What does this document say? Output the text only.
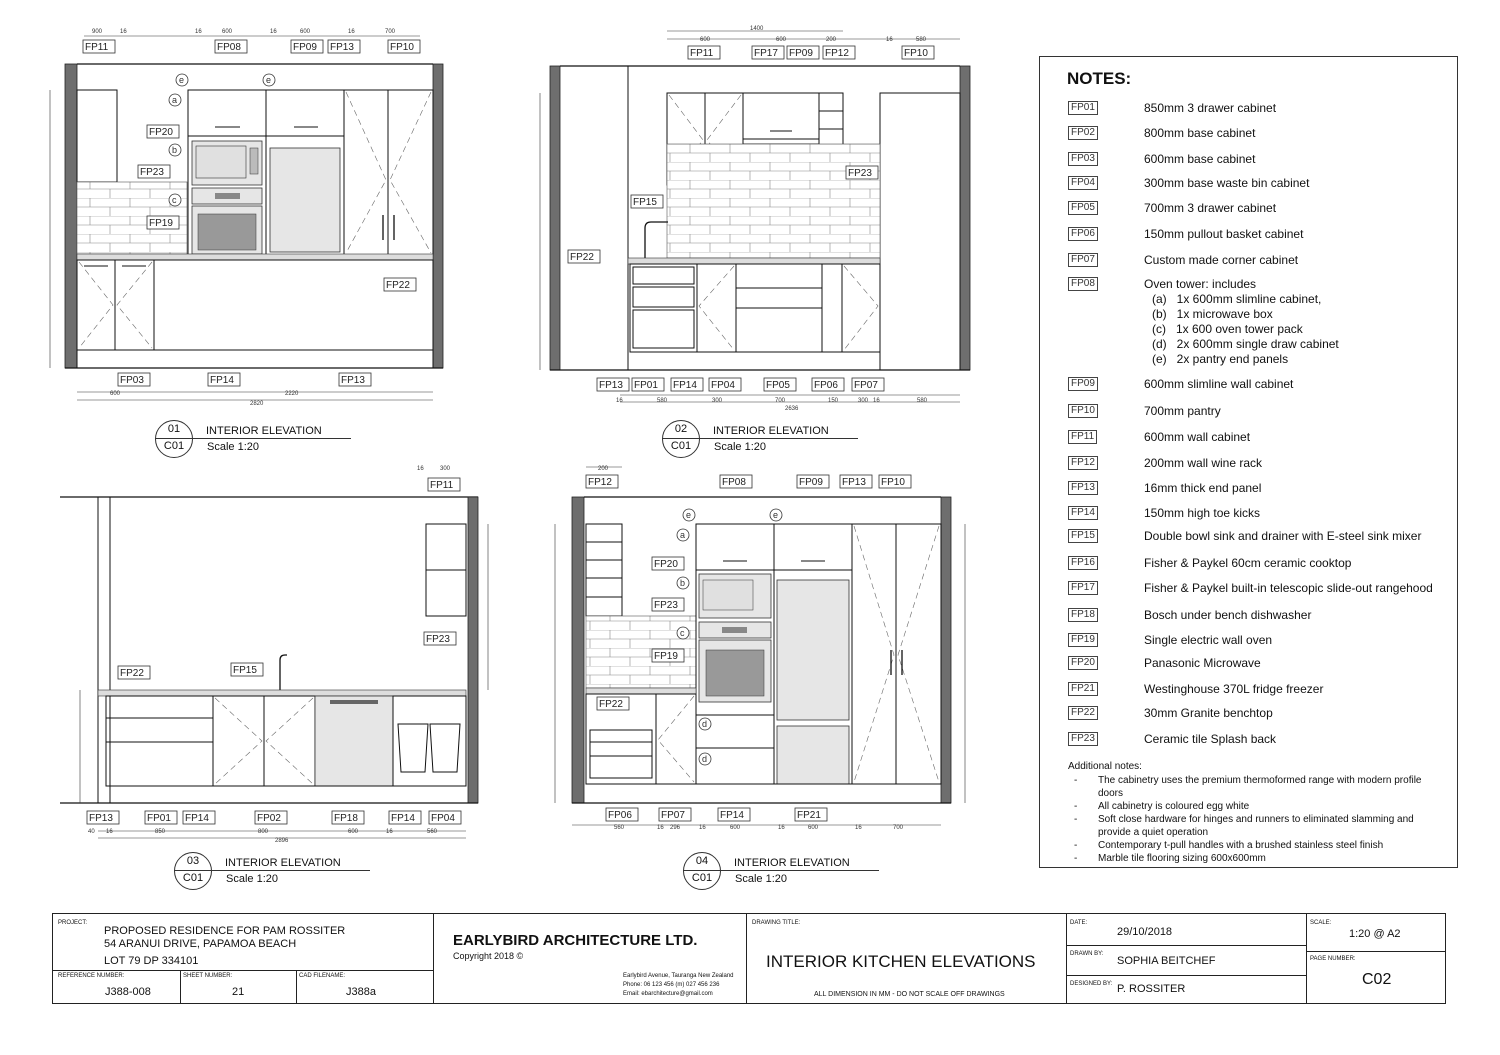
2820
2220
600
900	16	16	600	16	600	16	700
FP11	FP08	FP09 FP13	FP10
FP20
FP23
FP19
FP22
FP03	FP14	FP13
e	e
a
b
c
2636
1400
16	580	300	700	150	300 16	580
600	600	200	16	580
FP11	FP17 FP09 FP12	FP10
FP23
FP15
FP22
FP13 FP01 FP14 FP04	FP05 FP06 FP07
2896
40 16	850	800	600	16	560
16	300
FP11
FP23
FP22	FP15
FP13	FP01 FP14	FP02	FP18	FP14 FP04
200
560	16 296	16	600	16	600	16	700
FP12	FP08	FP09 FP13 FP10
FP20
FP23
FP19
FP22
FP06	FP07	FP14	FP21
e	e
a
b
c
d
d
01
C01
INTERIOR ELEVATION
Scale 1:20
02
C01
INTERIOR ELEVATION
Scale 1:20
03
C01
INTERIOR ELEVATION
Scale 1:20
04
C01
INTERIOR ELEVATION
Scale 1:20
NOTES:
FP01	850mm 3 drawer cabinet
FP02	800mm base cabinet
FP03	600mm base cabinet
FP04	300mm base waste bin cabinet
FP05	700mm 3 drawer cabinet
FP06	150mm pullout basket cabinet
FP07	Custom made corner cabinet
FP08	Oven tower: includes
FP09	600mm slimline wall cabinet
FP10	700mm pantry
FP11	600mm wall cabinet
FP12	200mm wall wine rack
FP13	16mm thick end panel
FP14	150mm high toe kicks
FP15	Double bowl sink and drainer with E-steel sink mixer
FP16	Fisher & Paykel 60cm ceramic cooktop
FP17	Fisher & Paykel built-in telescopic slide-out rangehood
FP18	Bosch under bench dishwasher
FP19	Single electric wall oven
FP20	Panasonic Microwave
FP21	Westinghouse 370L fridge freezer
FP22	30mm Granite benchtop
FP23	Ceramic tile Splash back
(a)   1x 600mm slimline cabinet,
(b)   1x microwave box
(c)   1x 600 oven tower pack
(d)   2x 600mm single draw cabinet
(e)   2x pantry end panels
Additional notes:
- The cabinetry uses the premium thermoformed range with modern profile doors
- All cabinetry is coloured egg white
- Soft close hardware for hinges and runners to eliminated slamming and provide a quiet operation
- Contemporary t-pull handles with a brushed stainless steel finish
- Marble tile flooring sizing 600x600mm
PROJECT:
PROPOSED RESIDENCE FOR PAM ROSSITER
54 ARANUI DRIVE, PAPAMOA BEACH
LOT 79 DP 334101
REFERENCE NUMBER:
J388-008
SHEET NUMBER:
21
CAD FILENAME:
J388a
EARLYBIRD ARCHITECTURE LTD.
Copyright 2018 ©
Earlybird Avenue, Tauranga New Zealand
Phone: 06 123 456 (m) 027 456 236
Email: ebarchitecture@gmail.com
DRAWING TITLE:
INTERIOR KITCHEN ELEVATIONS
ALL DIMENSION IN MM - DO NOT SCALE OFF DRAWINGS
DATE:
29/10/2018
DRAWN BY:
SOPHIA BEITCHEF
DESIGNED BY: P. ROSSITER
SCALE:
1:20 @ A2
PAGE NUMBER:
C02
